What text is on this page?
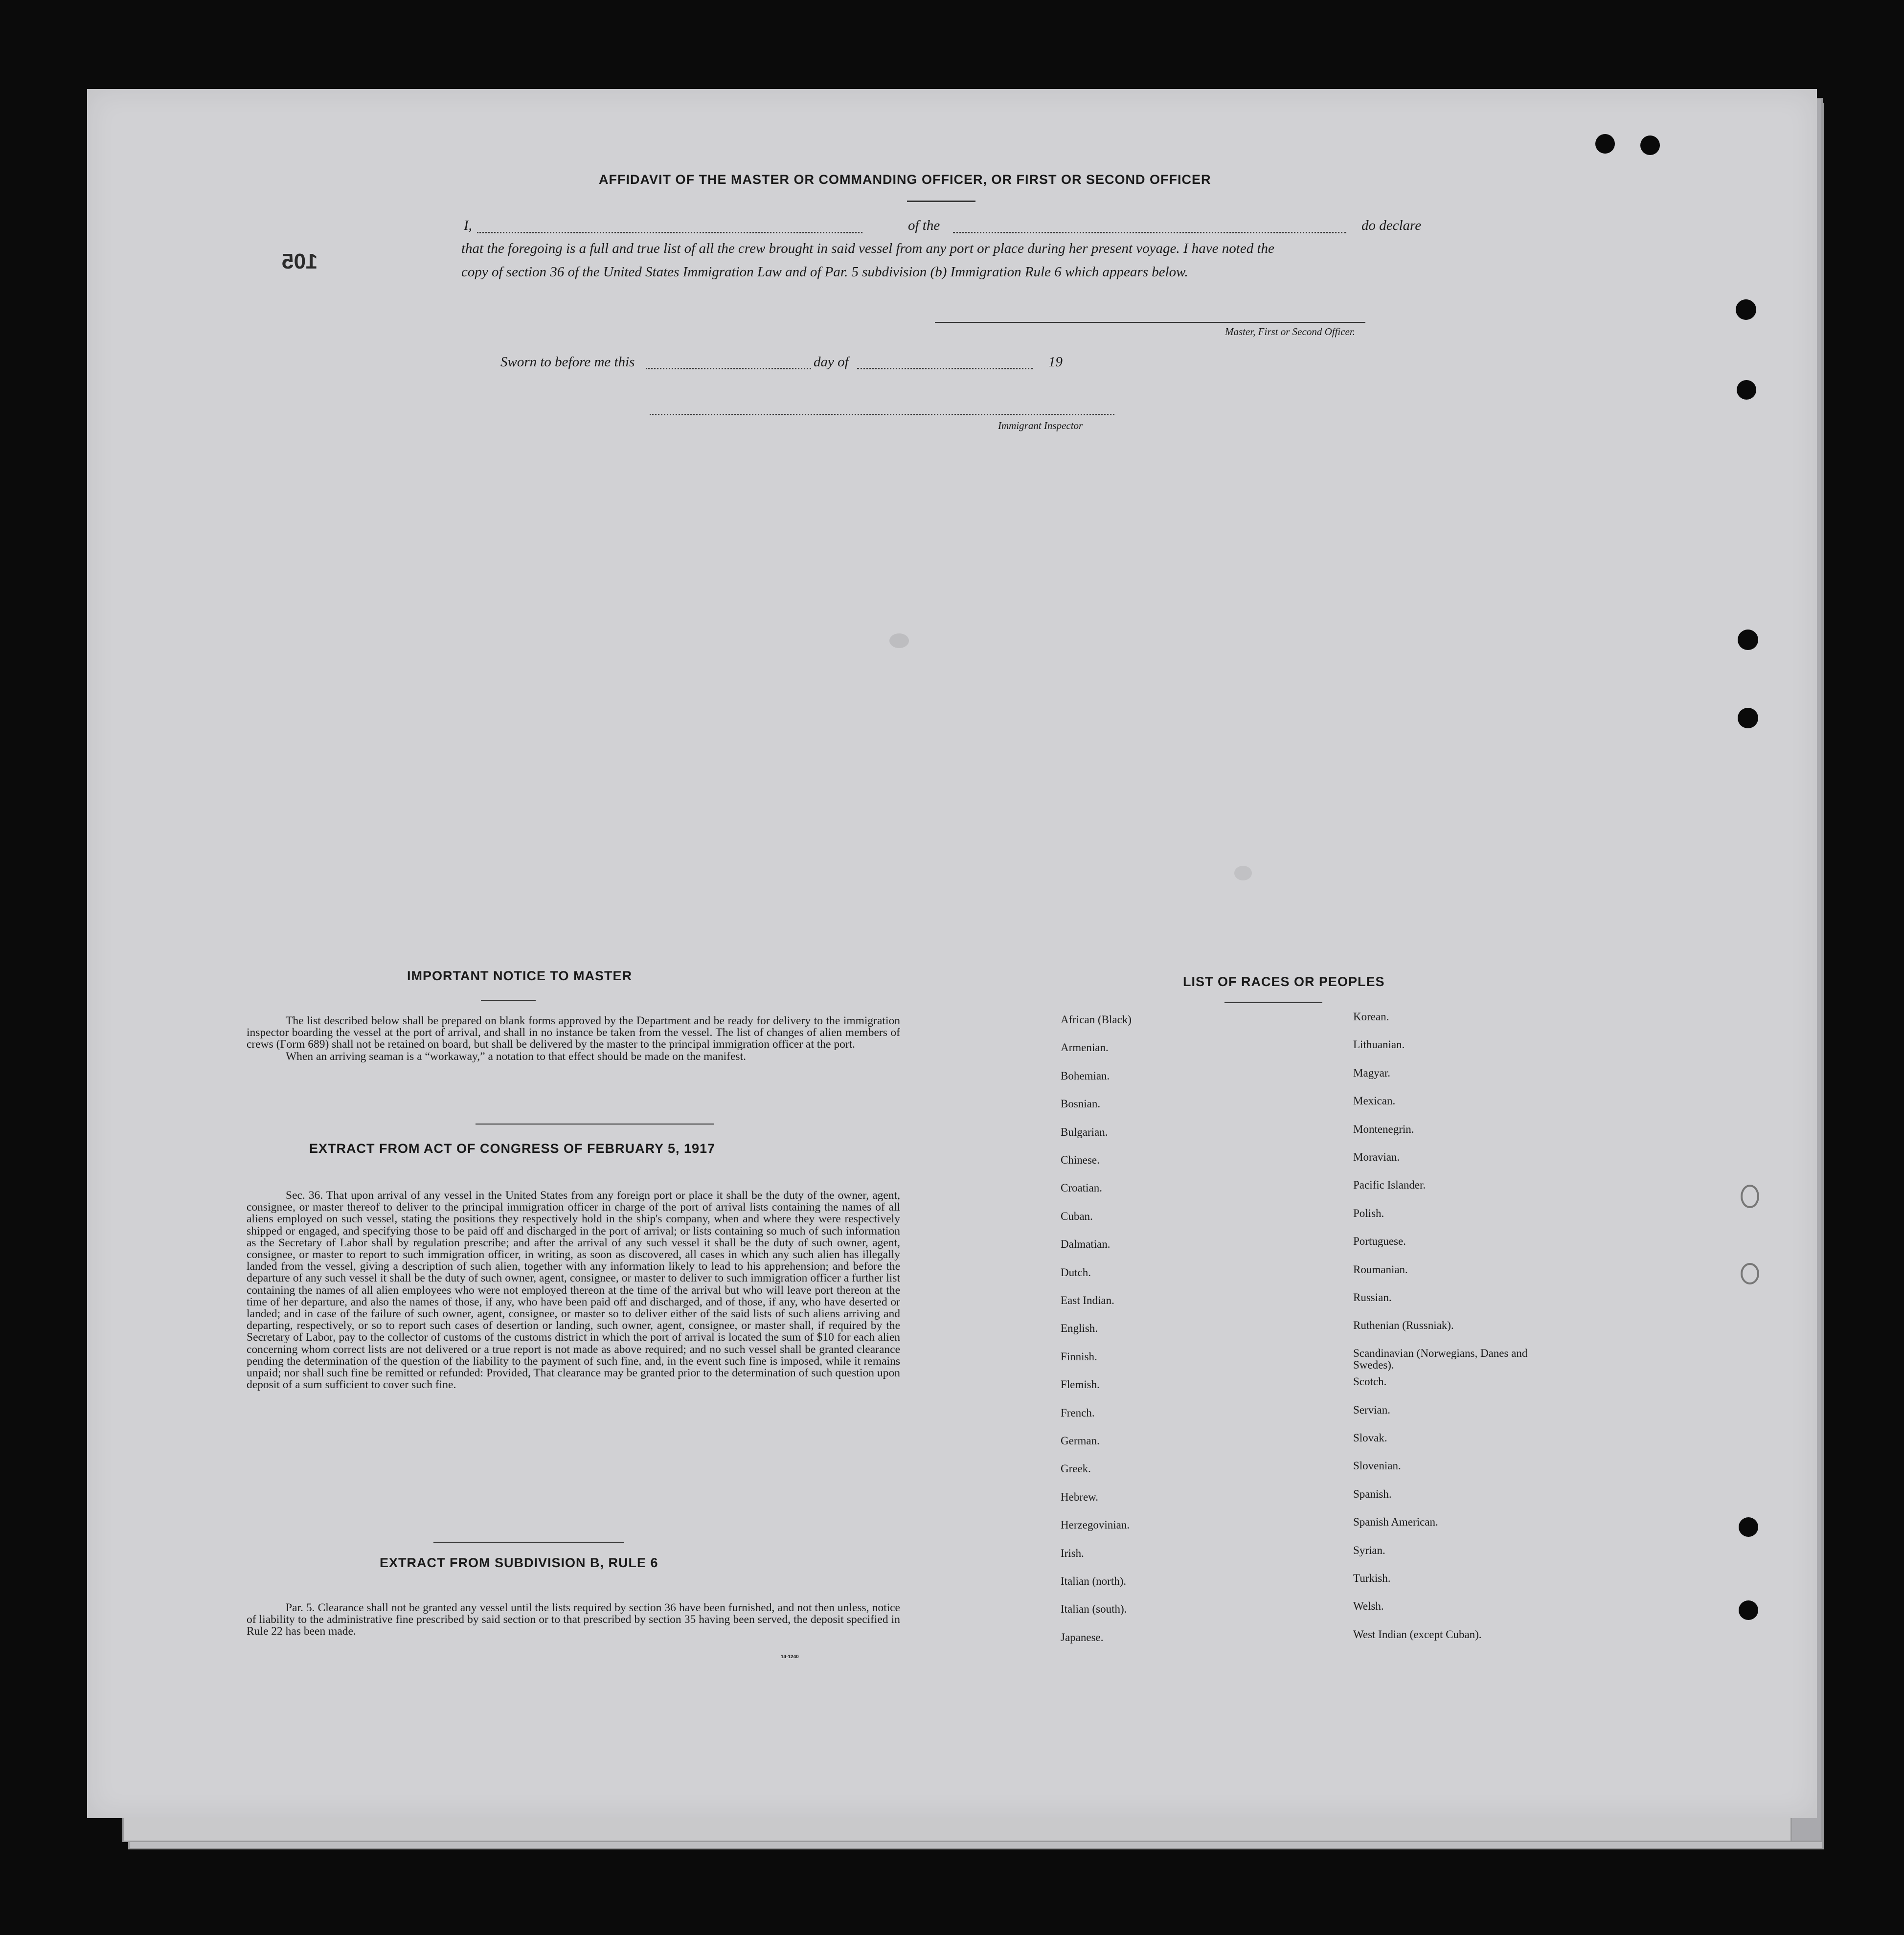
105
AFFIDAVIT OF THE MASTER OR COMMANDING OFFICER, OR FIRST OR SECOND OFFICER
I,	of the	do declare
that the foregoing is a full and true list of all the crew brought in said vessel from any port or place during her present voyage. I have noted the
copy of section 36 of the United States Immigration Law and of Par. 5 subdivision (b) Immigration Rule 6 which appears below.
Master, First or Second Officer.
Sworn to before me this	day of	19
Immigrant Inspector
IMPORTANT NOTICE TO MASTER

The list described below shall be prepared on blank forms approved by the Department and be ready for delivery to the immigration inspector boarding the vessel at the port of arrival, and shall in no instance be taken from the vessel. The list of changes of alien members of crews (Form 689) shall not be retained on board, but shall be delivered by the master to the principal immigration officer at the port.

When an arriving seaman is a “workaway,” a notation to that effect should be made on the manifest.

EXTRACT FROM ACT OF CONGRESS OF FEBRUARY 5, 1917

Sec. 36. That upon arrival of any vessel in the United States from any foreign port or place it shall be the duty of the owner, agent, consignee, or master thereof to deliver to the principal immigration officer in charge of the port of arrival lists containing the names of all aliens employed on such vessel, stating the positions they respectively hold in the ship's company, when and where they were respectively shipped or engaged, and specifying those to be paid off and discharged in the port of arrival; or lists containing so much of such information as the Secretary of Labor shall by regulation prescribe; and after the arrival of any such vessel it shall be the duty of such owner, agent, consignee, or master to report to such immigration officer, in writing, as soon as discovered, all cases in which any such alien has illegally landed from the vessel, giving a description of such alien, together with any information likely to lead to his apprehension; and before the departure of any such vessel it shall be the duty of such owner, agent, consignee, or master to deliver to such immigration officer a further list containing the names of all alien employees who were not employed thereon at the time of the arrival but who will leave port thereon at the time of her departure, and also the names of those, if any, who have been paid off and discharged, and of those, if any, who have deserted or landed; and in case of the failure of such owner, agent, consignee, or master so to deliver either of the said lists of such aliens arriving and departing, respectively, or so to report such cases of desertion or landing, such owner, agent, consignee, or master shall, if required by the Secretary of Labor, pay to the collector of customs of the customs district in which the port of arrival is located the sum of $10 for each alien concerning whom correct lists are not delivered or a true report is not made as above required; and no such vessel shall be granted clearance pending the determination of the question of the liability to the payment of such fine, and, in the event such fine is imposed, while it remains unpaid; nor shall such fine be remitted or refunded: Provided, That clearance may be granted prior to the determination of such question upon deposit of a sum sufficient to cover such fine.

EXTRACT FROM SUBDIVISION B, RULE 6

Par. 5. Clearance shall not be granted any vessel until the lists required by section 36 have been furnished, and not then unless, notice of liability to the administrative fine prescribed by said section or to that prescribed by section 35 having been served, the deposit specified in Rule 22 has been made.

14-1240
LIST OF RACES OR PEOPLES
African (Black)
Armenian.
Bohemian.
Bosnian.
Bulgarian.
Chinese.
Croatian.
Cuban.
Dalmatian.
Dutch.
East Indian.
English.
Finnish.
Flemish.
French.
German.
Greek.
Hebrew.
Herzegovinian.
Irish.
Italian (north).
Italian (south).
Japanese.
Korean.
Lithuanian.
Magyar.
Mexican.
Montenegrin.
Moravian.
Pacific Islander.
Polish.
Portuguese.
Roumanian.
Russian.
Ruthenian (Russniak).
Scandinavian (Norwegians, Danes and Swedes).
Scotch.
Servian.
Slovak.
Slovenian.
Spanish.
Spanish American.
Syrian.
Turkish.
Welsh.
West Indian (except Cuban).
